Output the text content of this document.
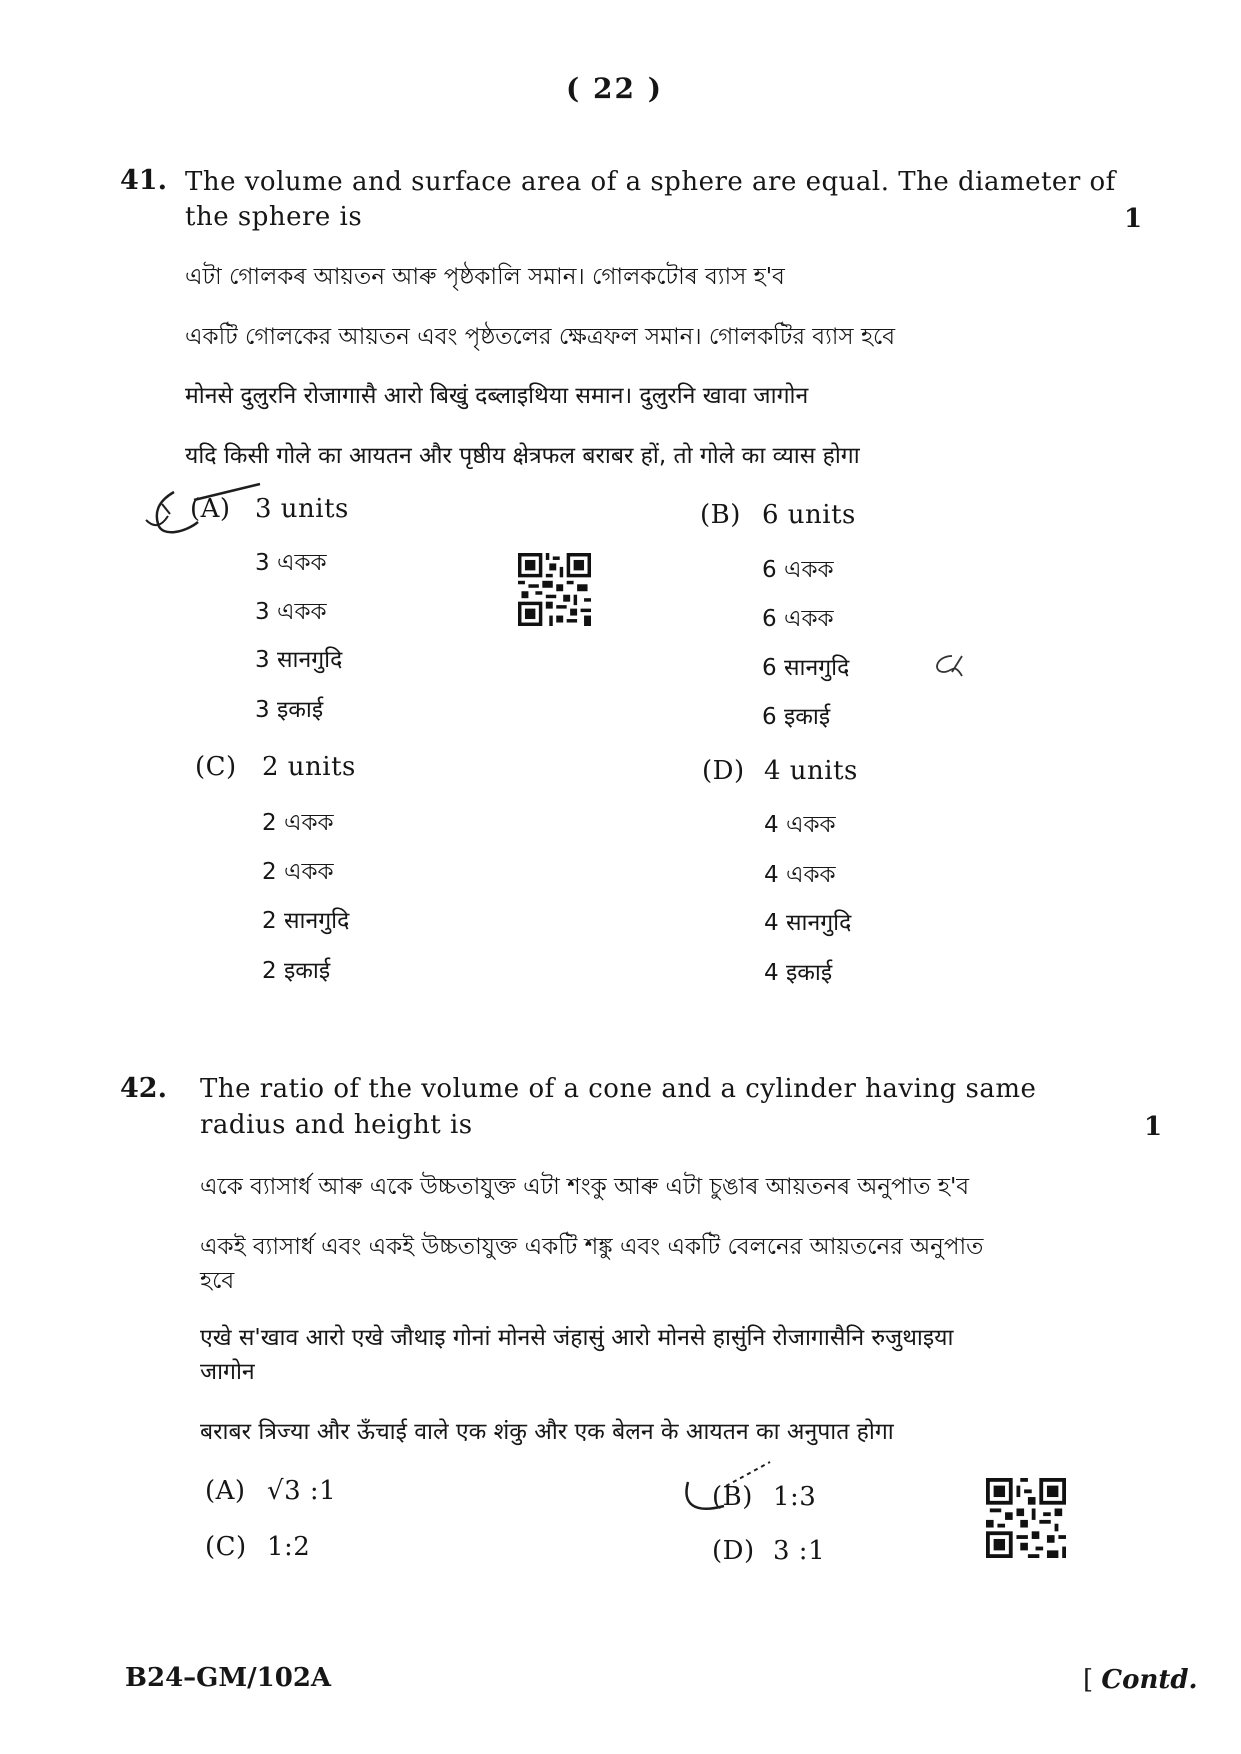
( 22 )
41. The volume and surface area of a sphere are equal. The diameter of
the sphere is	1
এটা গোলকৰ আয়তন আৰু পৃষ্ঠকালি সমান। গোলকটোৰ ব্যাস হ'ব
একটি গোলকের আয়তন এবং পৃষ্ঠতলের ক্ষেত্রফল সমান। গোলকটির ব্যাস হবে
मोनसे दुलुरनि रोजागासै आरो बिखुं दब्लाइथिया समान। दुलुरनि खावा जागोन
यदि किसी गोले का आयतन और पृष्ठीय क्षेत्रफल बराबर हों, तो गोले का व्यास होगा
(A) 3 units
3 একক
3 একক
3 सानगुदि
3 इकाई
(B) 6 units
6 একক
6 একক
6 सानगुदि
6 इकाई
(C) 2 units
2 একক
2 একক
2 सानगुदि
2 इकाई
(D) 4 units
4 একক
4 একক
4 सानगुदि
4 इकाई
42. The ratio of the volume of a cone and a cylinder having same
radius and height is	1
একে ব্যাসাৰ্ধ আৰু একে উচ্চতাযুক্ত এটা শংকু আৰু এটা চুঙাৰ আয়তনৰ অনুপাত হ'ব
একই ব্যাসার্ধ এবং একই উচ্চতাযুক্ত একটি শঙ্কু এবং একটি বেলনের আয়তনের অনুপাত
হবে
एखे स'खाव आरो एखे जौथाइ गोनां मोनसे जंहासुं आरो मोनसे हासुंनि रोजागासैनि रुजुथाइया
जागोन
बराबर त्रिज्या और ऊँचाई वाले एक शंकु और एक बेलन के आयतन का अनुपात होगा
(A) √3 :1	(B) 1:3
(C) 1:2	(D) 3 :1
B24–GM/102A	[ Contd.
